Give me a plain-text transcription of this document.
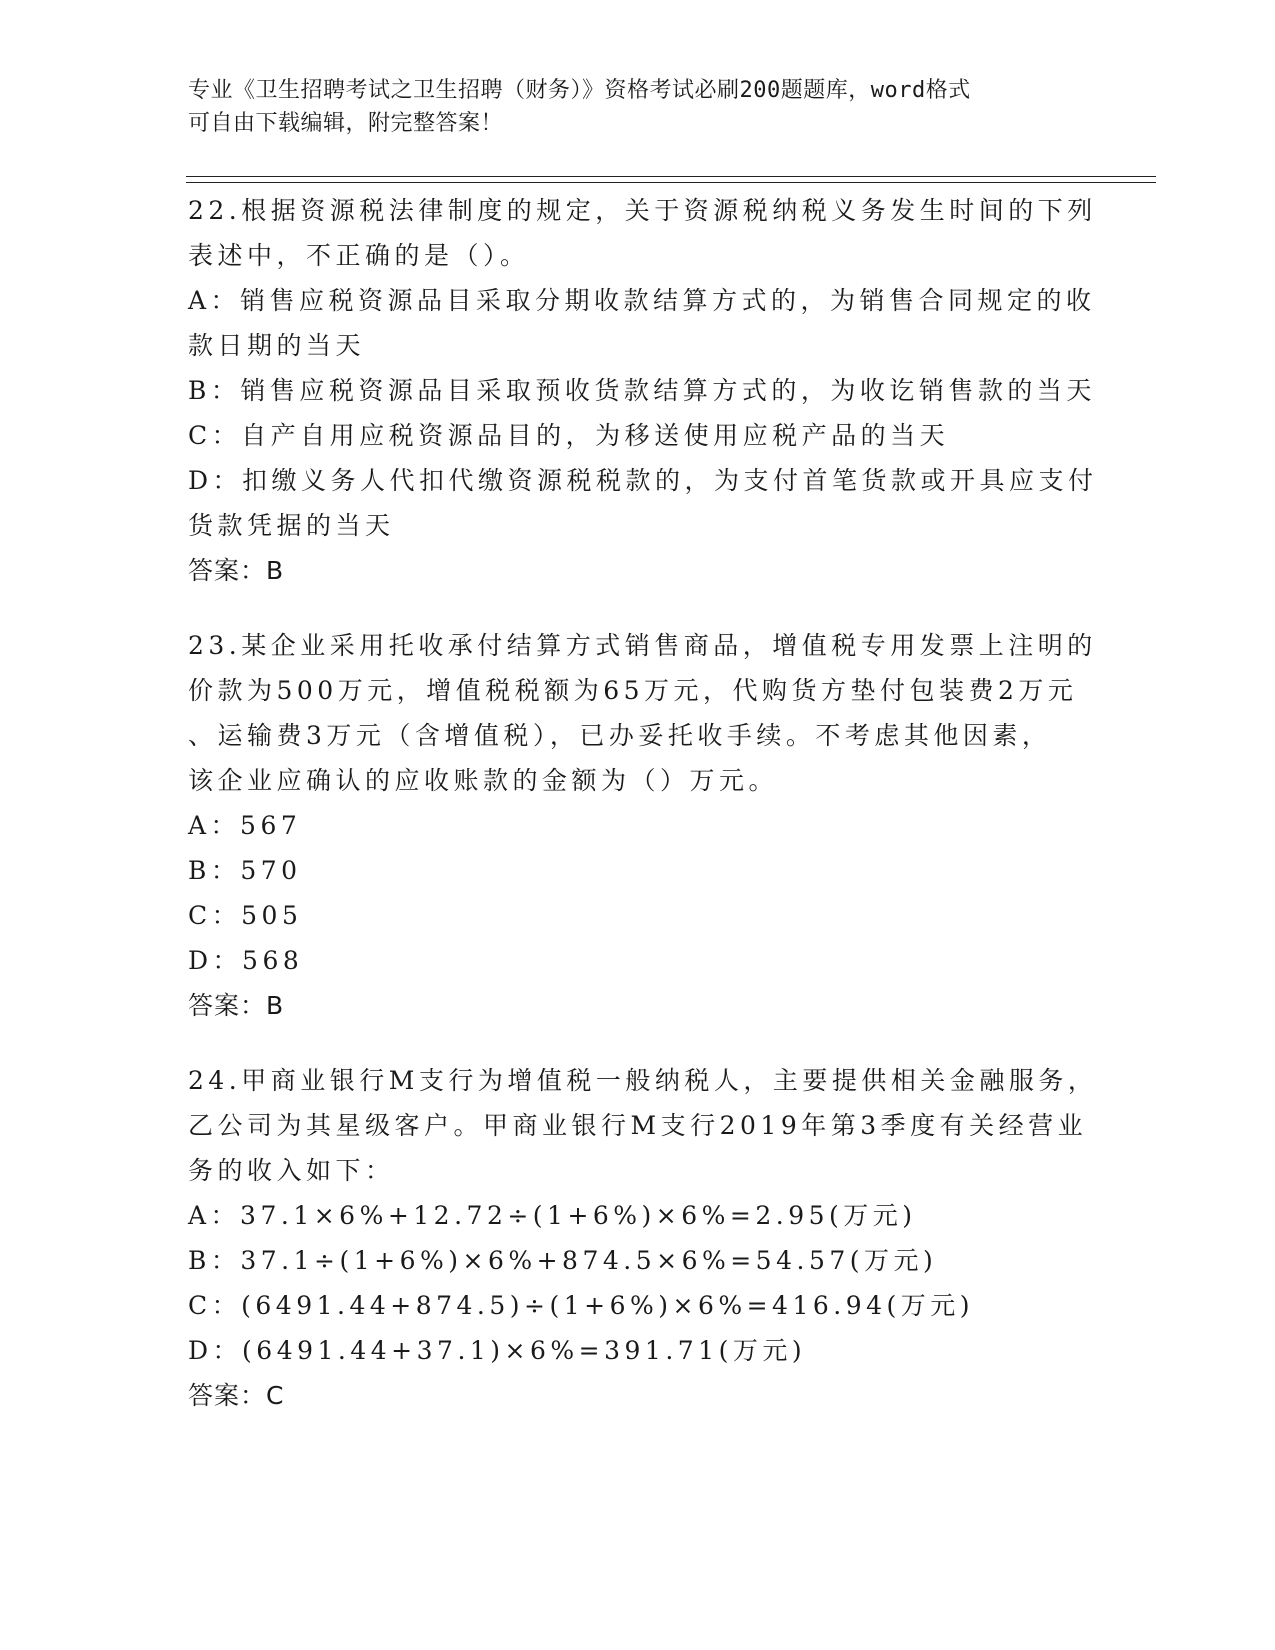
专业《卫生招聘考试之卫生招聘（财务）》资格考试必刷200题题库，word格式
可自由下载编辑，附完整答案！
22.根据资源税法律制度的规定，关于资源税纳税义务发生时间的下列
表述中，不正确的是（）。
A：销售应税资源品目采取分期收款结算方式的，为销售合同规定的收
款日期的当天
B：销售应税资源品目采取预收货款结算方式的，为收讫销售款的当天
C：自产自用应税资源品目的，为移送使用应税产品的当天
D：扣缴义务人代扣代缴资源税税款的，为支付首笔货款或开具应支付
货款凭据的当天
答案：B
23.某企业采用托收承付结算方式销售商品，增值税专用发票上注明的
价款为500万元，增值税税额为65万元，代购货方垫付包装费2万元
、运输费3万元（含增值税），已办妥托收手续。不考虑其他因素，
该企业应确认的应收账款的金额为（）万元。
A：567
B：570
C：505
D：568
答案：B
24.甲商业银行M支行为增值税一般纳税人，主要提供相关金融服务，
乙公司为其星级客户。甲商业银行M支行2019年第3季度有关经营业
务的收入如下：
A：37.1×6%+12.72÷(1+6%)×6%=2.95(万元)
B：37.1÷(1+6%)×6%+874.5×6%=54.57(万元)
C：(6491.44+874.5)÷(1+6%)×6%=416.94(万元)
D：(6491.44+37.1)×6%=391.71(万元)
答案：C
